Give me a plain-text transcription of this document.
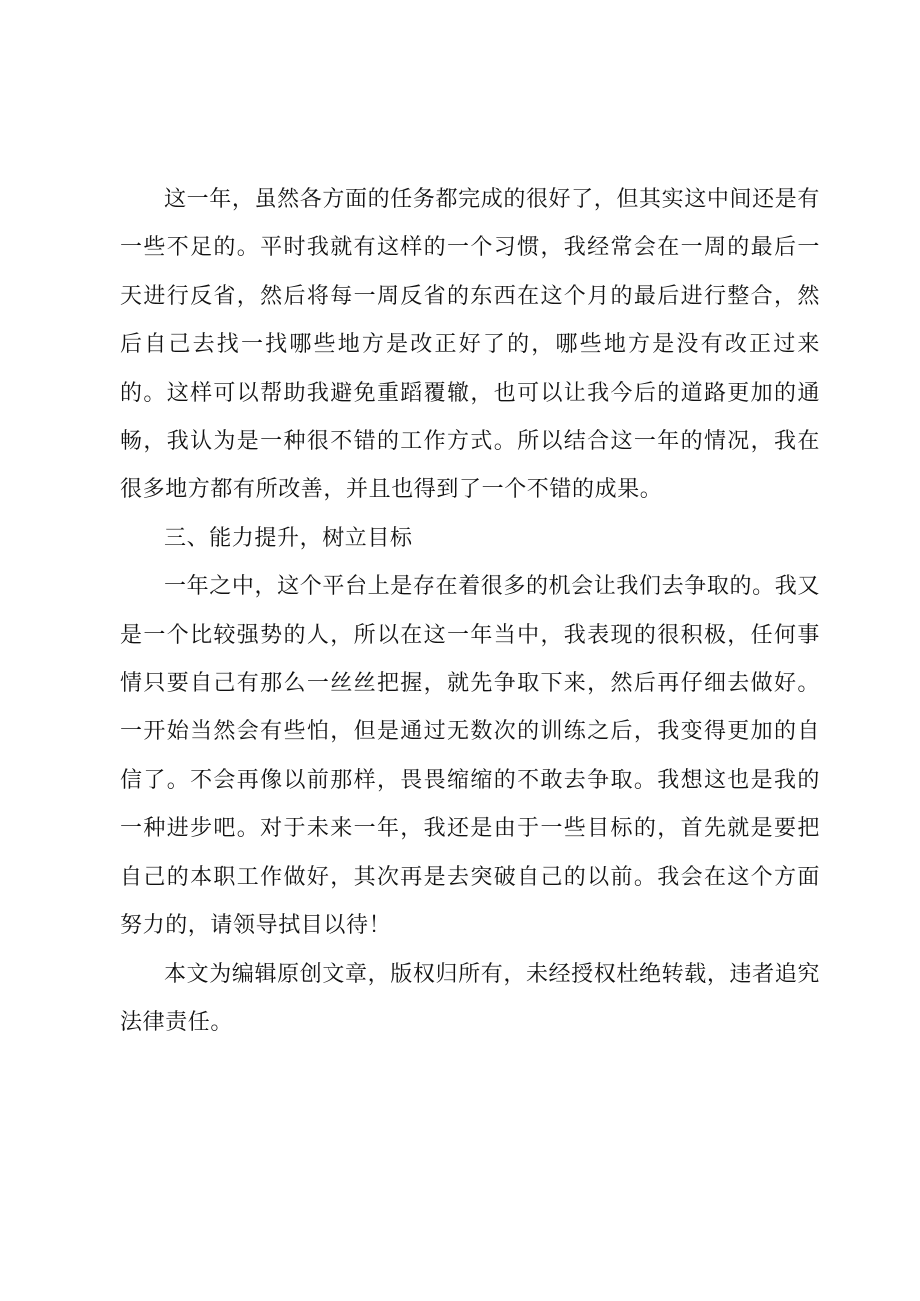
这一年，虽然各方面的任务都完成的很好了，但其实这中间还是有一些不足的。平时我就有这样的一个习惯，我经常会在一周的最后一天进行反省，然后将每一周反省的东西在这个月的最后进行整合，然后自己去找一找哪些地方是改正好了的，哪些地方是没有改正过来的。这样可以帮助我避免重蹈覆辙，也可以让我今后的道路更加的通畅，我认为是一种很不错的工作方式。所以结合这一年的情况，我在很多地方都有所改善，并且也得到了一个不错的成果。

三、能力提升，树立目标

一年之中，这个平台上是存在着很多的机会让我们去争取的。我又是一个比较强势的人，所以在这一年当中，我表现的很积极，任何事情只要自己有那么一丝丝把握，就先争取下来，然后再仔细去做好。一开始当然会有些怕，但是通过无数次的训练之后，我变得更加的自信了。不会再像以前那样，畏畏缩缩的不敢去争取。我想这也是我的一种进步吧。对于未来一年，我还是由于一些目标的，首先就是要把自己的本职工作做好，其次再是去突破自己的以前。我会在这个方面努力的，请领导拭目以待！

本文为编辑原创文章，版权归所有，未经授权杜绝转载，违者追究法律责任。
